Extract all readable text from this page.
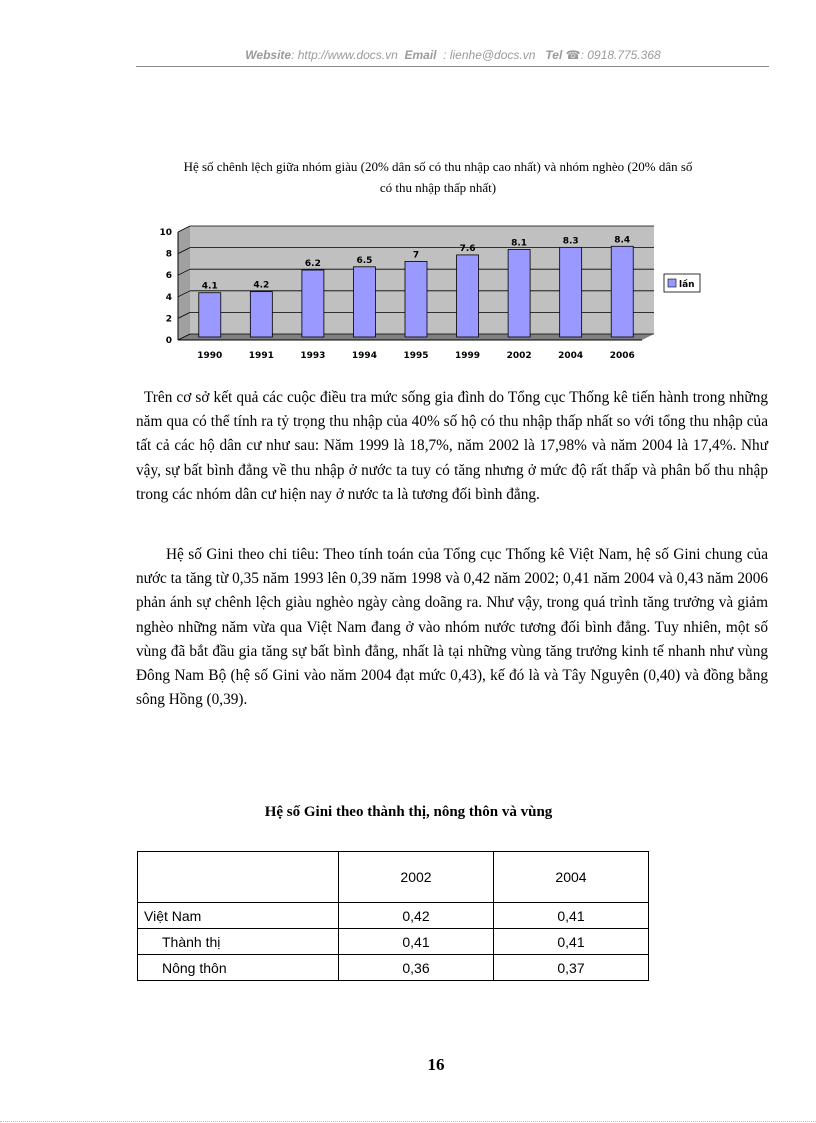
Website: http://www.docs.vn Email : lienhe@docs.vn Tel ☎: 0918.775.368
Hệ số chênh lệch giữa nhóm giàu (20% dân số có thu nhập cao nhất) và nhóm nghèo (20% dân số
có thu nhập thấp nhất)
0
2
4
6
8
10
4.1
1990
4.2
1991
6.2
1993
6.5
1994
7
1995
7.6
1999
8.1
2002
8.3
2004
8.4
2006
lần

Trên cơ sở kết quả các cuộc điều tra mức sống gia đình do Tổng cục Thống kê tiến hành trong những năm qua có thể tính ra tỷ trọng thu nhập của 40% số hộ có thu nhập thấp nhất so với tổng thu nhập của tất cả các hộ dân cư như sau: Năm 1999 là 18,7%, năm 2002 là 17,98% và năm 2004 là 17,4%. Như vậy, sự bất bình đẳng về thu nhập ở nước ta tuy có tăng nhưng ở mức độ rất thấp và phân bố thu nhập trong các nhóm dân cư hiện nay ở nước ta là tương đối bình đẳng.

Hệ số Gini theo chi tiêu: Theo tính toán của Tổng cục Thống kê Việt Nam, hệ số Gini chung của nước ta tăng từ 0,35 năm 1993 lên 0,39 năm 1998 và 0,42 năm 2002; 0,41 năm 2004 và 0,43 năm 2006 phản ánh sự chênh lệch giàu nghèo ngày càng doãng ra. Như vậy, trong quá trình tăng trưởng và giảm nghèo những năm vừa qua Việt Nam đang ở vào nhóm nước tương đối bình đẳng. Tuy nhiên, một số vùng đã bắt đầu gia tăng sự bất bình đẳng, nhất là tại những vùng tăng trưởng kinh tế nhanh như vùng Đông Nam Bộ (hệ số Gini vào năm 2004 đạt mức 0,43), kế đó là và Tây Nguyên (0,40) và đồng bằng sông Hồng (0,39).

Hệ số Gini theo thành thị, nông thôn và vùng
	2002	2004
Việt Nam	0,42	0,41
Thành thị	0,41	0,41
Nông thôn	0,36	0,37
16
